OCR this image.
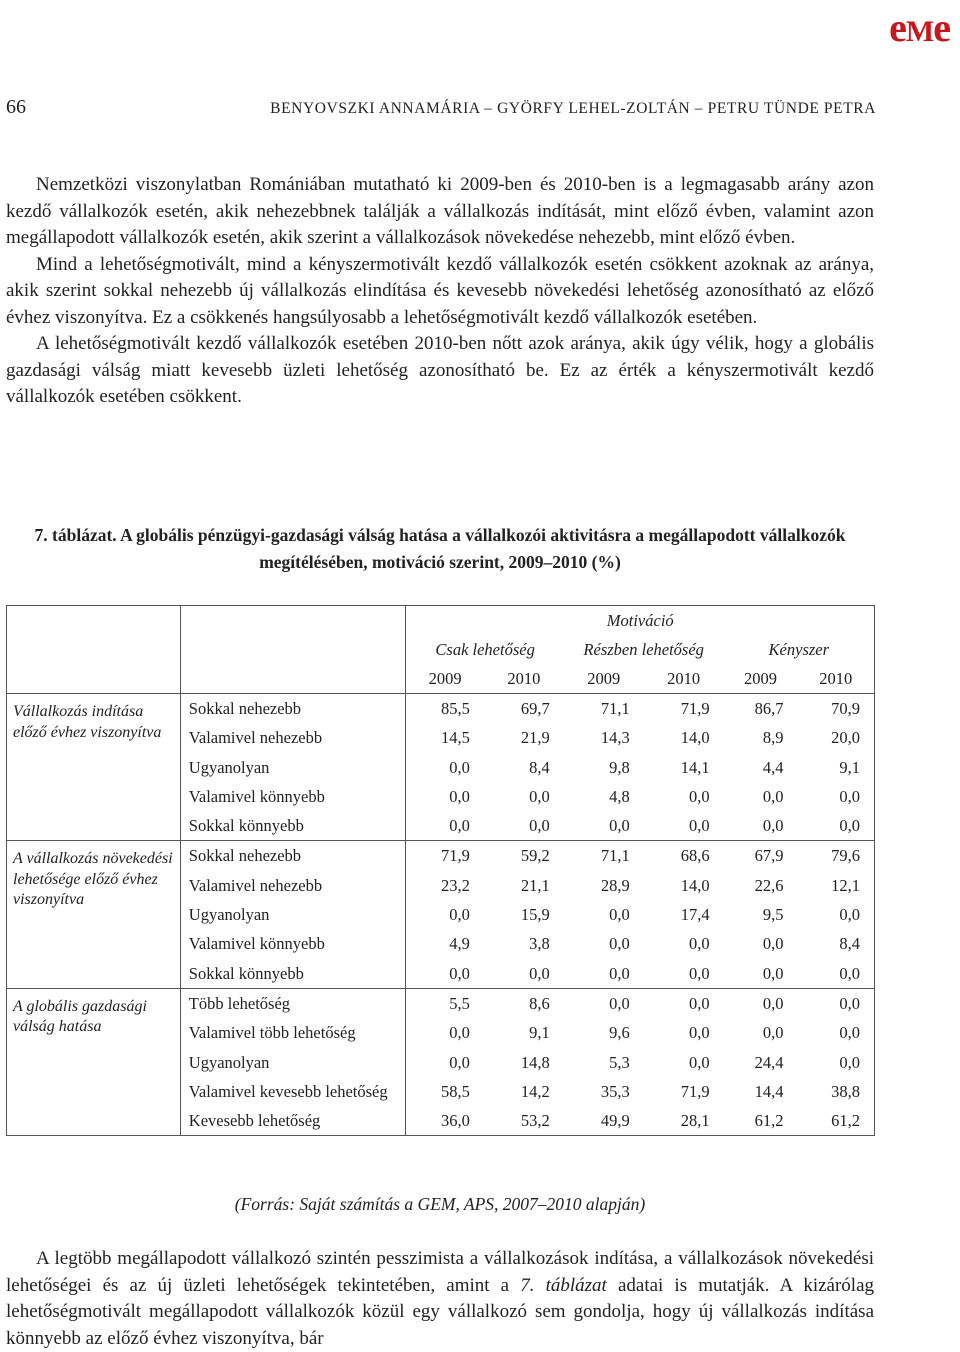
eMe
66	BENYOVSZKI ANNAMÁRIA – GYÖRFY LEHEL-ZOLTÁN – PETRU TÜNDE PETRA

Nemzetközi viszonylatban Romániában mutatható ki 2009-ben és 2010-ben is a legmagasabb arány azon kezdő vállalkozók esetén, akik nehezebbnek találják a vállalkozás indítását, mint előző évben, valamint azon megállapodott vállalkozók esetén, akik szerint a vállalkozások növekedése nehezebb, mint előző évben.

Mind a lehetőségmotivált, mind a kényszermotivált kezdő vállalkozók esetén csökkent azoknak az aránya, akik szerint sokkal nehezebb új vállalkozás elindítása és kevesebb növekedési lehetőség azonosítható az előző évhez viszonyítva. Ez a csökkenés hangsúlyosabb a lehetőségmotivált kezdő vállalkozók esetében.

A lehetőségmotivált kezdő vállalkozók esetében 2010-ben nőtt azok aránya, akik úgy vélik, hogy a globális gazdasági válság miatt kevesebb üzleti lehetőség azonosítható be. Ez az érték a kényszermotivált kezdő vállalkozók esetében csökkent.

7. táblázat. A globális pénzügyi-gazdasági válság hatása a vállalkozói aktivitásra a megállapodott vállalkozók megítélésében, motiváció szerint, 2009–2010 (%)
		Motiváció					
		Csak lehetőség		Részben lehetőség		Kényszer	
		2009	2010	2009	2010	2009	2010
Vállalkozás indítása előző évhez viszonyítva	Sokkal nehezebb	85,5	69,7	71,1	71,9	86,7	70,9
	Valamivel nehezebb	14,5	21,9	14,3	14,0	8,9	20,0
	Ugyanolyan	0,0	8,4	9,8	14,1	4,4	9,1
	Valamivel könnyebb	0,0	0,0	4,8	0,0	0,0	0,0
	Sokkal könnyebb	0,0	0,0	0,0	0,0	0,0	0,0
A vállalkozás növekedési lehetősége előző évhez viszonyítva	Sokkal nehezebb	71,9	59,2	71,1	68,6	67,9	79,6
	Valamivel nehezebb	23,2	21,1	28,9	14,0	22,6	12,1
	Ugyanolyan	0,0	15,9	0,0	17,4	9,5	0,0
	Valamivel könnyebb	4,9	3,8	0,0	0,0	0,0	8,4
	Sokkal könnyebb	0,0	0,0	0,0	0,0	0,0	0,0
A globális gazdasági válság hatása	Több lehetőség	5,5	8,6	0,0	0,0	0,0	0,0
	Valamivel több lehetőség	0,0	9,1	9,6	0,0	0,0	0,0
	Ugyanolyan	0,0	14,8	5,3	0,0	24,4	0,0
	Valamivel kevesebb lehetőség	58,5	14,2	35,3	71,9	14,4	38,8
	Kevesebb lehetőség	36,0	53,2	49,9	28,1	61,2	61,2
(Forrás: Saját számítás a GEM, APS, 2007–2010 alapján)

A legtöbb megállapodott vállalkozó szintén pesszimista a vállalkozások indítása, a vállalkozások növekedési lehetőségei és az új üzleti lehetőségek tekintetében, amint a 7. táblázat adatai is mutatják. A kizárólag lehetőségmotivált megállapodott vállalkozók közül egy vállalkozó sem gondolja, hogy új vállalkozás indítása könnyebb az előző évhez viszonyítva, bár
